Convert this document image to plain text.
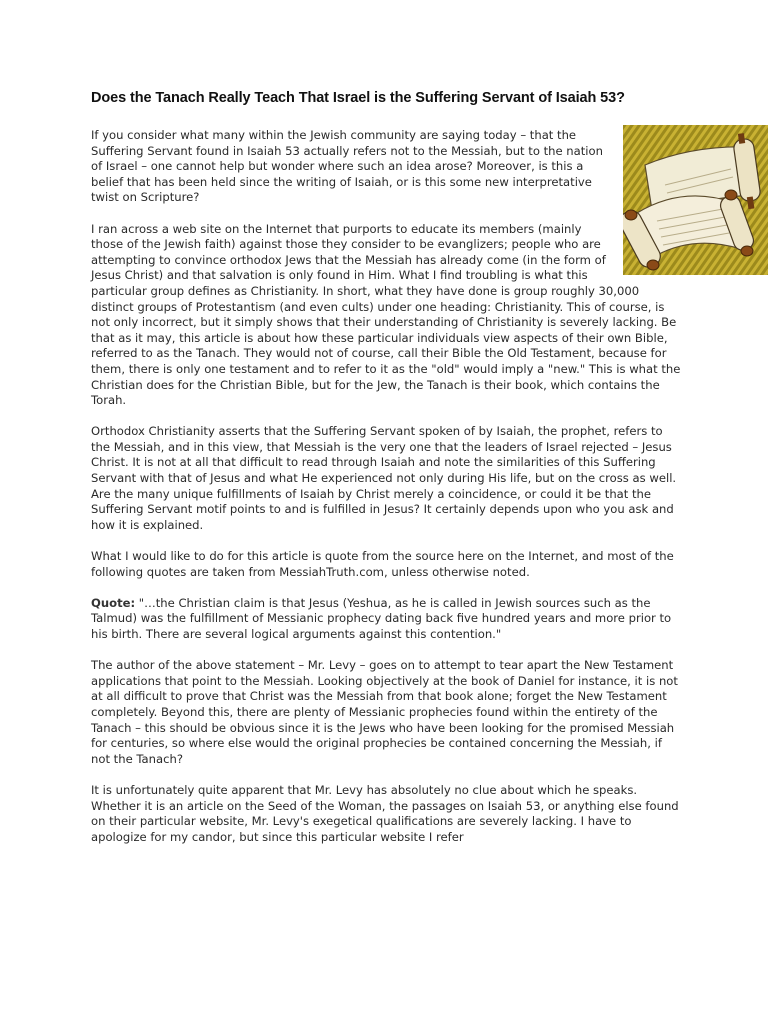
Does the Tanach Really Teach That Israel is the Suffering Servant of Isaiah 53?

If you consider what many within the Jewish community are saying today – that the Suffering Servant found in Isaiah 53 actually refers not to the Messiah, but to the nation of Israel – one cannot help but wonder where such an idea arose? Moreover, is this a belief that has been held since the writing of Isaiah, or is this some new interpretative twist on Scripture?

I ran across a web site on the Internet that purports to educate its members (mainly those of the Jewish faith) against those they consider to be evanglizers; people who are attempting to convince orthodox Jews that the Messiah has already come (in the form of Jesus Christ) and that salvation is only found in Him. What I find troubling is what this particular group defines as Christianity. In short, what they have done is group roughly 30,000 distinct groups of Protestantism (and even cults) under one heading: Christianity. This of course, is not only incorrect, but it simply shows that their understanding of Christianity is severely lacking. Be that as it may, this article is about how these particular individuals view aspects of their own Bible, referred to as the Tanach. They would not of course, call their Bible the Old Testament, because for them, there is only one testament and to refer to it as the "old" would imply a "new." This is what the Christian does for the Christian Bible, but for the Jew, the Tanach is their book, which contains the Torah.

Orthodox Christianity asserts that the Suffering Servant spoken of by Isaiah, the prophet, refers to the Messiah, and in this view, that Messiah is the very one that the leaders of Israel rejected – Jesus Christ. It is not at all that difficult to read through Isaiah and note the similarities of this Suffering Servant with that of Jesus and what He experienced not only during His life, but on the cross as well. Are the many unique fulfillments of Isaiah by Christ merely a coincidence, or could it be that the Suffering Servant motif points to and is fulfilled in Jesus? It certainly depends upon who you ask and how it is explained.

What I would like to do for this article is quote from the source here on the Internet, and most of the following quotes are taken from MessiahTruth.com, unless otherwise noted.

Quote: "…the Christian claim is that Jesus (Yeshua, as he is called in Jewish sources such as the Talmud) was the fulfillment of Messianic prophecy dating back five hundred years and more prior to his birth. There are several logical arguments against this contention."

The author of the above statement – Mr. Levy – goes on to attempt to tear apart the New Testament applications that point to the Messiah. Looking objectively at the book of Daniel for instance, it is not at all difficult to prove that Christ was the Messiah from that book alone; forget the New Testament completely. Beyond this, there are plenty of Messianic prophecies found within the entirety of the Tanach – this should be obvious since it is the Jews who have been looking for the promised Messiah for centuries, so where else would the original prophecies be contained concerning the Messiah, if not the Tanach?

It is unfortunately quite apparent that Mr. Levy has absolutely no clue about which he speaks. Whether it is an article on the Seed of the Woman, the passages on Isaiah 53, or anything else found on their particular website, Mr. Levy's exegetical qualifications are severely lacking. I have to apologize for my candor, but since this particular website I refer
